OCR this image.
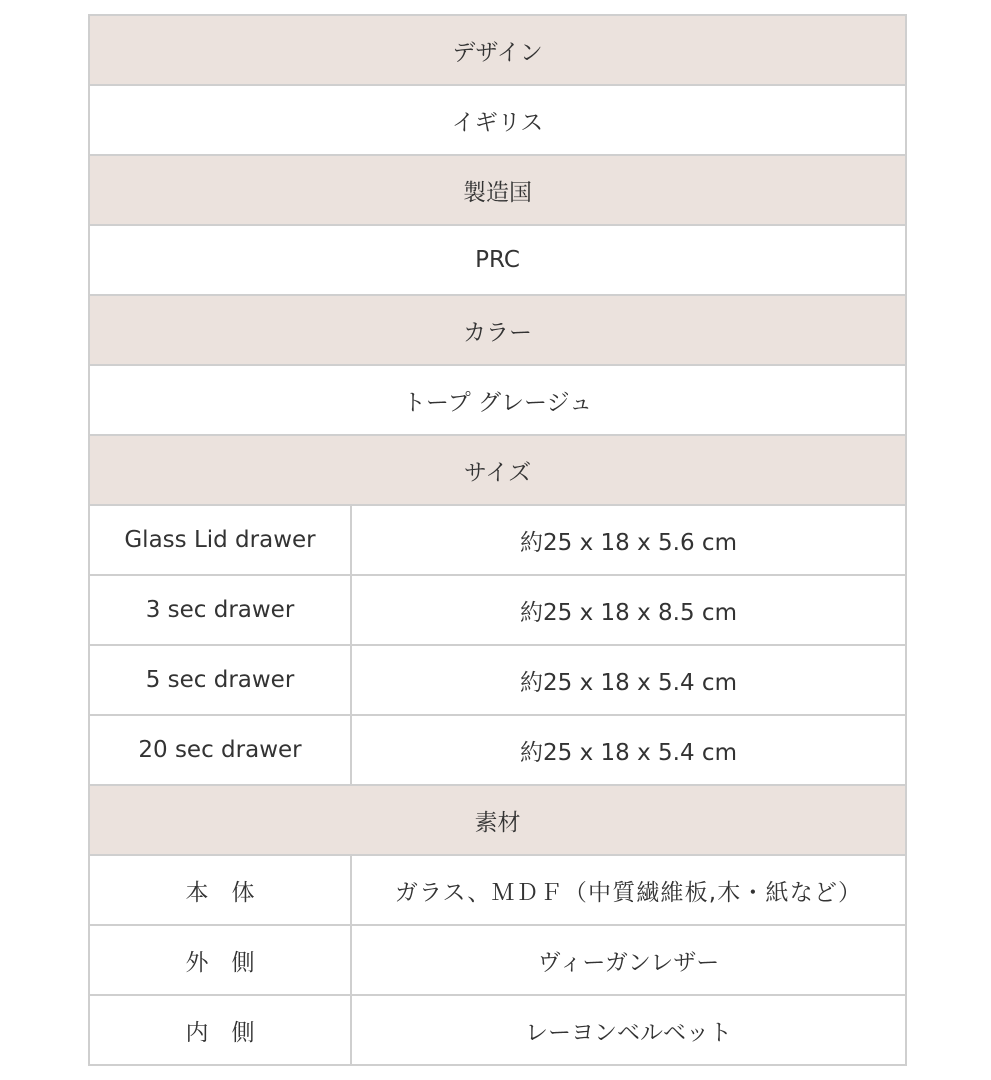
デザイン	
イギリス	
製造国	
PRC	
カラー	
トープ グレージュ	
サイズ	
Glass Lid drawer	約25 x 18 x 5.6 cm
3 sec drawer	約25 x 18 x 8.5 cm
5 sec drawer	約25 x 18 x 5.4 cm
20 sec drawer	約25 x 18 x 5.4 cm
素材	
本　体	ガラス、ＭＤＦ（中質繊維板,木・紙など）
外　側	ヴィーガンレザー
内　側	レーヨンベルベット
